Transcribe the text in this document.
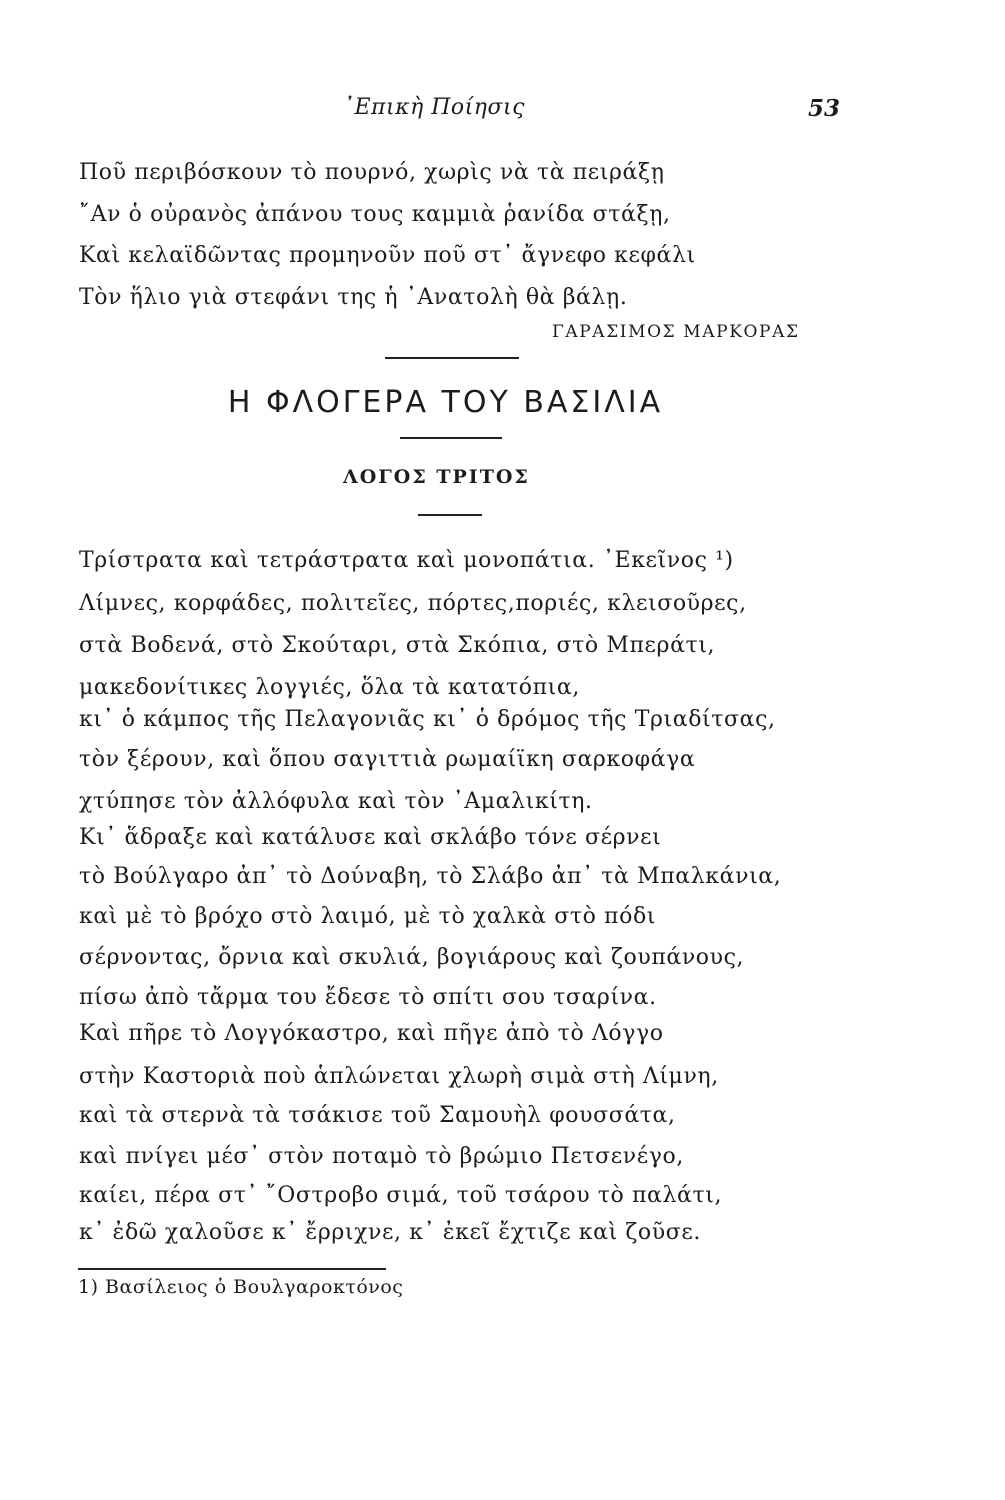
᾿Επικὴ Ποίησις	53
Ποῦ περιβόσκουν τὸ πουρνό, χωρὶς νὰ τὰ πειράξῃ
῎Αν ὁ οὐρανὸς ἀπάνου τους καμμιὰ ῥανίδα στάξῃ,
Καὶ κελαϊδῶντας προμηνοῦν ποῦ στ᾿ ἄγνεφο κεφάλι
Τὸν ἥλιο γιὰ στεφάνι της ἡ ᾿Ανατολὴ θὰ βάλῃ.
ΓΑΡΑΣΙΜΟΣ ΜΑΡΚΟΡΑΣ
Η ΦΛΟΓΕΡΑ ΤΟΥ ΒΑΣΙΛΙΑ
ΛΟΓΟΣ ΤΡΙΤΟΣ
Τρίστρατα καὶ τετράστρατα καὶ μονοπάτια. ᾿Εκεῖνος ¹)
Λίμνες, κορφάδες, πολιτεῖες, πόρτες,ποριές, κλεισοῦρες,
στὰ Βοδενά, στὸ Σκούταρι, στὰ Σκόπια, στὸ Μπεράτι,
μακεδονίτικες λογγιές, ὅλα τὰ κατατόπια,
κι᾿ ὁ κάμπος τῆς Πελαγονιᾶς κι᾿ ὁ δρόμος τῆς Τριαδίτσας,
τὸν ξέρουν, καὶ ὅπου σαγιττιὰ ρωμαίϊκη σαρκοφάγα
χτύπησε τὸν ἀλλόφυλα καὶ τὸν ᾿Αμαλικίτη.
Κι᾿ ἅδραξε καὶ κατάλυσε καὶ σκλάβο τόνε σέρνει
τὸ Βούλγαρο ἀπ᾿ τὸ Δούναβη, τὸ Σλάβο ἀπ᾿ τὰ Μπαλκάνια,
καὶ μὲ τὸ βρόχο στὸ λαιμό, μὲ τὸ χαλκὰ στὸ πόδι
σέρνοντας, ὄρνια καὶ σκυλιά, βογιάρους καὶ ζουπάνους,
πίσω ἀπὸ τἄρμα του ἔδεσε τὸ σπίτι σου τσαρίνα.
Καὶ πῆρε τὸ Λογγόκαστρο, καὶ πῆγε ἀπὸ τὸ Λόγγο
στὴν Καστοριὰ ποὺ ἁπλώνεται χλωρὴ σιμὰ στὴ Λίμνη,
καὶ τὰ στερνὰ τὰ τσάκισε τοῦ Σαμουὴλ φουσσάτα,
καὶ πνίγει μέσ᾿ στὸν ποταμὸ τὸ βρώμιο Πετσενέγο,
καίει, πέρα στ᾿ ῎Οστροβο σιμά, τοῦ τσάρου τὸ παλάτι,
κ᾿ ἐδῶ χαλοῦσε κ᾿ ἔρριχνε, κ᾿ ἐκεῖ ἔχτιζε καὶ ζοῦσε.
1) Βασίλειος ὁ Βουλγαροκτόνος
